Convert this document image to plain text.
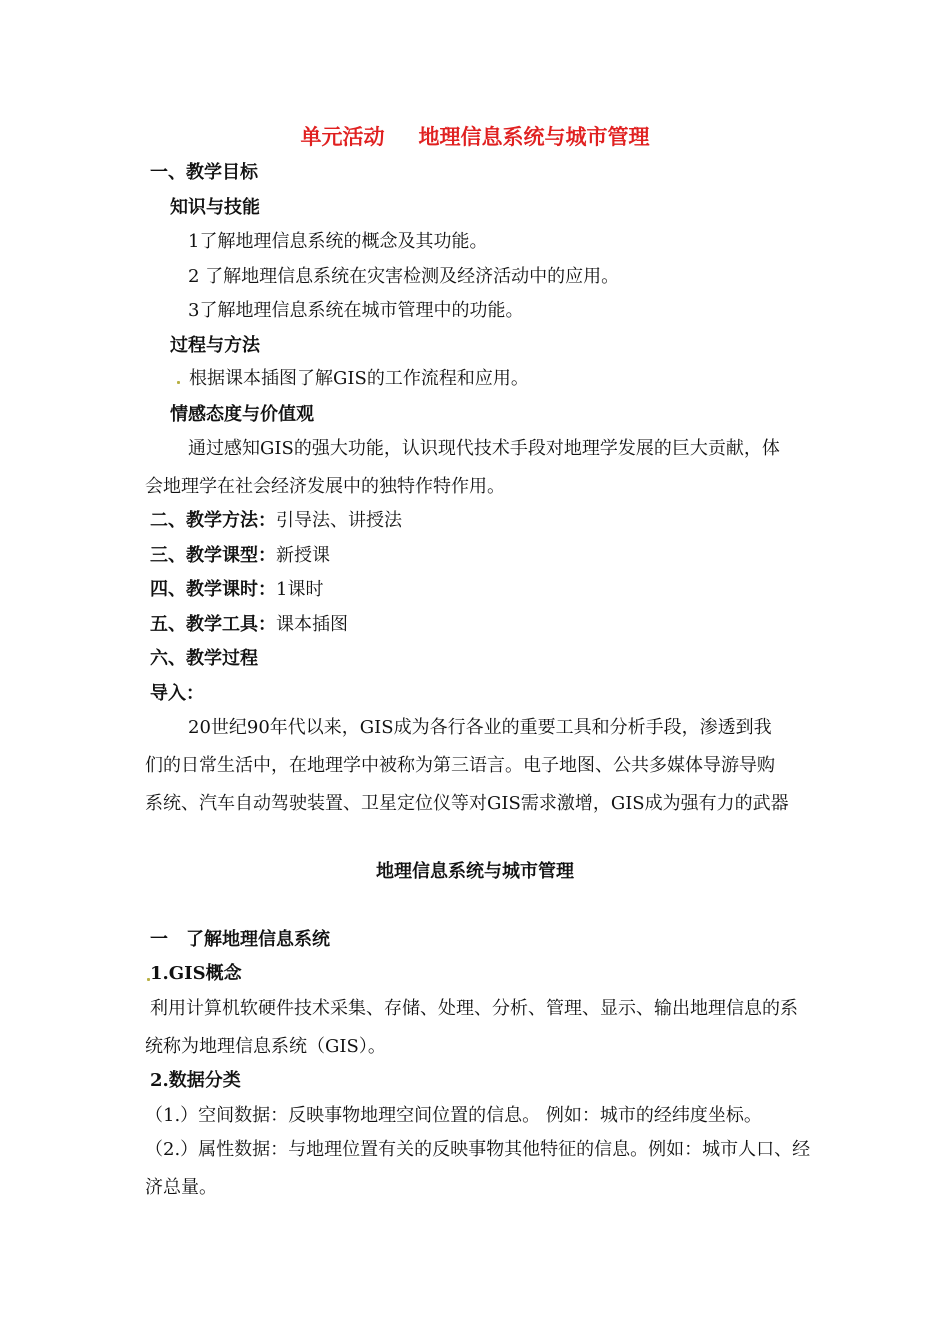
单元活动 地理信息系统与城市管理
一、教学目标
知识与技能
1了解地理信息系统的概念及其功能。
2 了解地理信息系统在灾害检测及经济活动中的应用。
3了解地理信息系统在城市管理中的功能。
过程与方法
根据课本插图了解GIS的工作流程和应用。
情感态度与价值观
通过感知GIS的强大功能，认识现代技术手段对地理学发展的巨大贡献，体
会地理学在社会经济发展中的独特作特作用。
二、教学方法：引导法、讲授法
三、教学课型：新授课
四、教学课时：1课时
五、教学工具：课本插图
六、教学过程
导入：
20世纪90年代以来，GIS成为各行各业的重要工具和分析手段，渗透到我
们的日常生活中，在地理学中被称为第三语言。电子地图、公共多媒体导游导购
系统、汽车自动驾驶装置、卫星定位仪等对GIS需求激增，GIS成为强有力的武器
地理信息系统与城市管理
一　了解地理信息系统
1.GIS概念
利用计算机软硬件技术采集、存储、处理、分析、管理、显示、输出地理信息的系
统称为地理信息系统（GIS）。
2.数据分类
（1.）空间数据：反映事物地理空间位置的信息。 例如：城市的经纬度坐标。
（2.）属性数据：与地理位置有关的反映事物其他特征的信息。例如：城市人口、经
济总量。
